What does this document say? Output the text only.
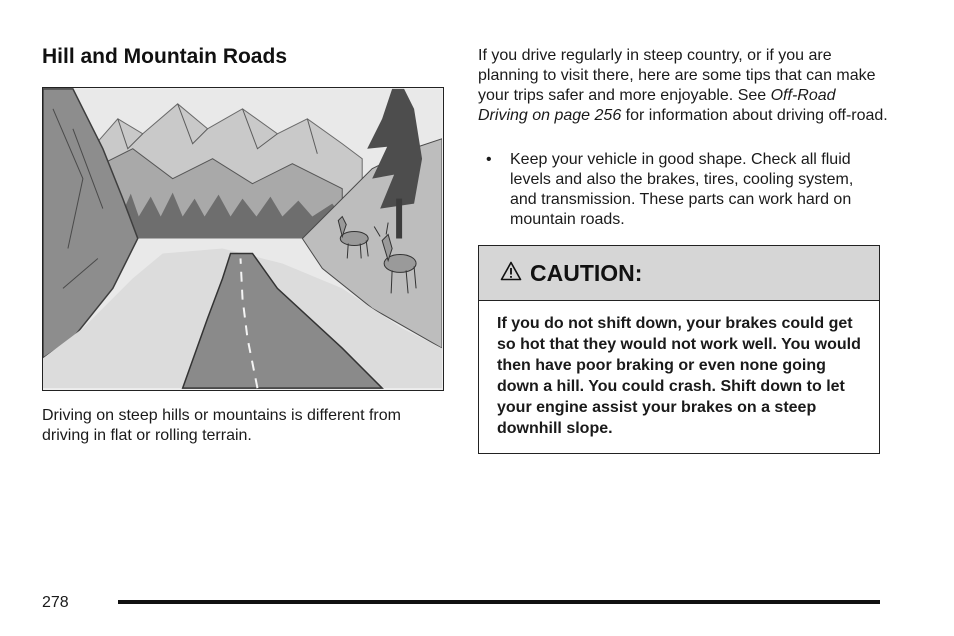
Hill and Mountain Roads

Driving on steep hills or mountains is different from driving in flat or rolling terrain.

If you drive regularly in steep country, or if you are planning to visit there, here are some tips that can make your trips safer and more enjoyable. See Off-Road Driving on page 256 for information about driving off-road.

• Keep your vehicle in good shape. Check all fluid levels and also the brakes, tires, cooling system, and transmission. These parts can work hard on mountain roads.
CAUTION:

If you do not shift down, your brakes could get so hot that they would not work well. You would then have poor braking or even none going down a hill. You could crash. Shift down to let your engine assist your brakes on a steep downhill slope.

278
